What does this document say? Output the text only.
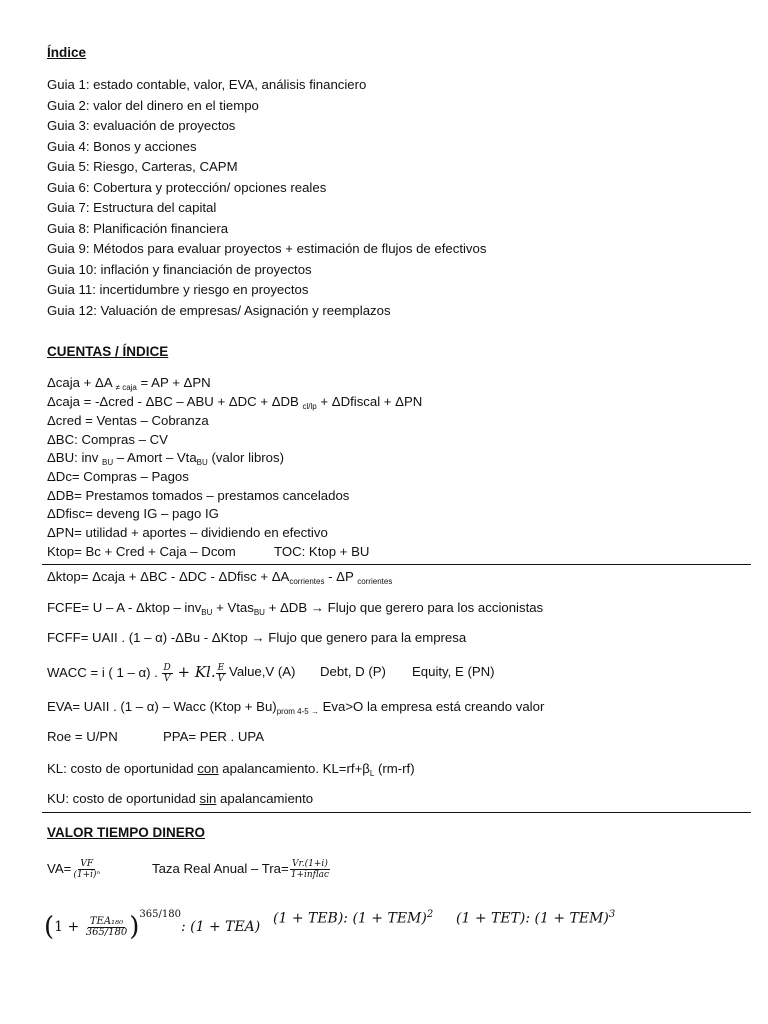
Índice
Guia 1: estado contable, valor, EVA, análisis financiero
Guia 2: valor del dinero en el tiempo
Guia 3: evaluación de proyectos
Guia 4: Bonos y acciones
Guia 5: Riesgo, Carteras, CAPM
Guia 6: Cobertura y protección/ opciones reales
Guia 7: Estructura del capital
Guia 8: Planificación financiera
Guia 9: Métodos para evaluar proyectos + estimación de flujos de efectivos
Guia 10: inflación y financiación de proyectos
Guia 11: incertidumbre y riesgo en proyectos
Guia 12: Valuación de empresas/ Asignación y reemplazos
CUENTAS / ÍNDICE
Δcaja + ΔA $_{\ne caja}$ = AP + ΔPN
Δcaja = -Δcred - ΔBC – ABU + ΔDC + ΔDB $_{cl/lp}$ + ΔDfiscal + ΔPN
Δcred = Ventas – Cobranza
ΔBC: Compras – CV
ΔBU: inv $_{BU}$ – Amort – Vta$_{BU}$ (valor libros)
ΔDc= Compras – Pagos
ΔDB= Prestamos tomados – prestamos cancelados
ΔDfisc= deveng IG – pago IG
ΔPN= utilidad + aportes – dividiendo en efectivo
Ktop= Bc + Cred + Caja – Dcom	TOC: Ktop + BU
Δktop= Δcaja + ΔBC - ΔDC - ΔDfisc + $\Delta A_{corrientes}$ - ΔP $_{corrientes}$
FCFE= U – A - Δktop – inv$_{BU}$ + Vtas$_{BU}$ + ΔDB → Flujo que gerero para los accionistas
FCFF= UAII . (1 – α) -ΔBu - ΔKtop → Flujo que genero para la empresa
WACC = i ( 1 – α) . $\frac{D}{V} + Kl$. $\frac{E}{V}$ Value,V (A) Debt, D (P) Equity, E (PN)
EVA= UAII . (1 – α) – Wacc (Ktop + $Bu)_{prom 4-5 \to}$ Eva>O la empresa está creando valor
Roe = U/PN	PPA= PER . UPA
KL: costo de oportunidad con apalancamiento. $KL=rf+\beta_L$ (rm-rf)
KU: costo de oportunidad sin apalancamiento
VALOR TIEMPO DINERO
$VA= \frac{VF}{\text{(1+i)ⁿ}}$	Taza Real Anual – $Tra= \frac{Vr.(1+i)}{\text{1+inflac}}$
$(1 + \frac{\text{TEA₁₈₀}}{365/180} )^{365/180}$: (1 + TEA)
(1 + TEB): (1 + TEM)$^2$ (1 + TET): (1 + TEM)$^3$
